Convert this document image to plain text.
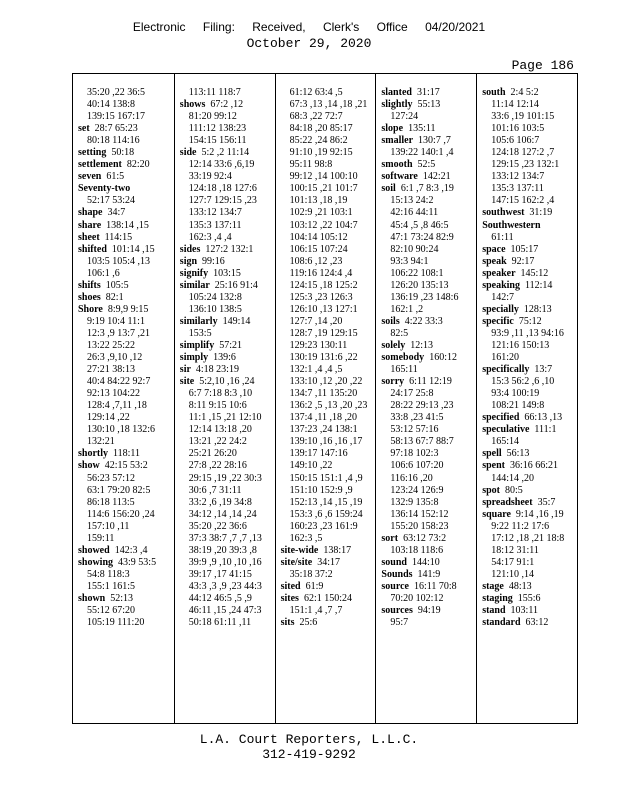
Electronic Filing: Received, Clerk's Office 04/20/2021
October 29, 2020
Page 186
35:20 ,22 36:5
40:14 138:8
139:15 167:17
set  28:7 65:23
80:18 114:16
setting  50:18
settlement  82:20
seven  61:5
Seventy-two 
52:17 53:24
shape  34:7
share  138:14 ,15
sheet  114:15
shifted  101:14 ,15
103:5 105:4 ,13
106:1 ,6
shifts  105:5
shoes  82:1
Shore  8:9,9 9:15
9:19 10:4 11:1
12:3 ,9 13:7 ,21
13:22 25:22
26:3 ,9,10 ,12
27:21 38:13
40:4 84:22 92:7
92:13 104:22
128:4 ,7,11 ,18
129:14 ,22
130:10 ,18 132:6
132:21
shortly  118:11
show  42:15 53:2
56:23 57:12
63:1 79:20 82:5
86:18 113:5
114:6 156:20 ,24
157:10 ,11
159:11
showed  142:3 ,4
showing  43:9 53:5
54:8 118:3
155:1 161:5
shown  52:13
55:12 67:20
105:19 111:20
113:11 118:7
shows  67:2 ,12
81:20 99:12
111:12 138:23
154:15 156:11
side  5:2 ,2 11:14
12:14 33:6 ,6,19
33:19 92:4
124:18 ,18 127:6
127:7 129:15 ,23
133:12 134:7
135:3 137:11
162:3 ,4 ,4
sides  127:2 132:1
sign  99:16
signify  103:15
similar  25:16 91:4
105:24 132:8
136:10 138:5
similarly  149:14
153:5
simplify  57:21
simply  139:6
sir  4:18 23:19
site  5:2,10 ,16 ,24
6:7 7:18 8:3 ,10
8:11 9:15 10:6
11:1 ,15 ,21 12:10
12:14 13:18 ,20
13:21 ,22 24:2
25:21 26:20
27:8 ,22 28:16
29:15 ,19 ,22 30:3
30:6 ,7 31:11
33:2 ,6 ,19 34:8
34:12 ,14 ,14 ,24
35:20 ,22 36:6
37:3 38:7 ,7 ,7 ,13
38:19 ,20 39:3 ,8
39:9 ,9 ,10 ,10 ,16
39:17 ,17 41:15
43:3 ,3 ,9 ,23 44:3
44:12 46:5 ,5 ,9
46:11 ,15 ,24 47:3
50:18 61:11 ,11
61:12 63:4 ,5
67:3 ,13 ,14 ,18 ,21
68:3 ,22 72:7
84:18 ,20 85:17
85:22 ,24 86:2
91:10 ,19 92:15
95:11 98:8
99:12 ,14 100:10
100:15 ,21 101:7
101:13 ,18 ,19
102:9 ,21 103:1
103:12 ,22 104:7
104:14 105:12
106:15 107:24
108:6 ,12 ,23
119:16 124:4 ,4
124:15 ,18 125:2
125:3 ,23 126:3
126:10 ,13 127:1
127:7 ,14 ,20
128:7 ,19 129:15
129:23 130:11
130:19 131:6 ,22
132:1 ,4 ,4 ,5
133:10 ,12 ,20 ,22
134:7 ,11 135:20
136:2 ,5 ,13 ,20 ,23
137:4 ,11 ,18 ,20
137:23 ,24 138:1
139:10 ,16 ,16 ,17
139:17 147:16
149:10 ,22
150:15 151:1 ,4 ,9
151:10 152:9 ,9
152:13 ,14 ,15 ,19
153:3 ,6 ,6 159:24
160:23 ,23 161:9
162:3 ,5
site-wide  138:17
site/site  34:17
35:18 37:2
sited  61:9
sites  62:1 150:24
151:1 ,4 ,7 ,7
sits  25:6
slanted  31:17
slightly  55:13
127:24
slope  135:11
smaller  130:7 ,7
139:22 140:1 ,4
smooth  52:5
software  142:21
soil  6:1 ,7 8:3 ,19
15:13 24:2
42:16 44:11
45:4 ,5 ,8 46:5
47:1 73:24 82:9
82:10 90:24
93:3 94:1
106:22 108:1
126:20 135:13
136:19 ,23 148:6
162:1 ,2
soils  4:22 33:3
82:5
solely  12:13
somebody  160:12
165:11
sorry  6:11 12:19
24:17 25:8
28:22 29:13 ,23
33:8 ,23 41:5
53:12 57:16
58:13 67:7 88:7
97:18 102:3
106:6 107:20
116:16 ,20
123:24 126:9
132:9 135:8
136:14 152:12
155:20 158:23
sort  63:12 73:2
103:18 118:6
sound  144:10
Sounds  141:9
source  16:11 70:8
70:20 102:12
sources  94:19
95:7
south  2:4 5:2
11:14 12:14
33:6 ,19 101:15
101:16 103:5
105:6 106:7
124:18 127:2 ,7
129:15 ,23 132:1
133:12 134:7
135:3 137:11
147:15 162:2 ,4
southwest  31:19
Southwestern 
61:11
space  105:17
speak  92:17
speaker  145:12
speaking  112:14
142:7
specially  128:13
specific  75:12
93:9 ,11 ,13 94:16
121:16 150:13
161:20
specifically  13:7
15:3 56:2 ,6 ,10
93:4 100:19
108:21 149:8
specified  66:13 ,13
speculative  111:1
165:14
spell  56:13
spent  36:16 66:21
144:14 ,20
spot  80:5
spreadsheet  35:7
square  9:14 ,16 ,19
9:22 11:2 17:6
17:12 ,18 ,21 18:8
18:12 31:11
54:17 91:1
121:10 ,14
stage  48:13
staging  155:6
stand  103:11
standard  63:12
L.A. Court Reporters, L.L.C.
312-419-9292
